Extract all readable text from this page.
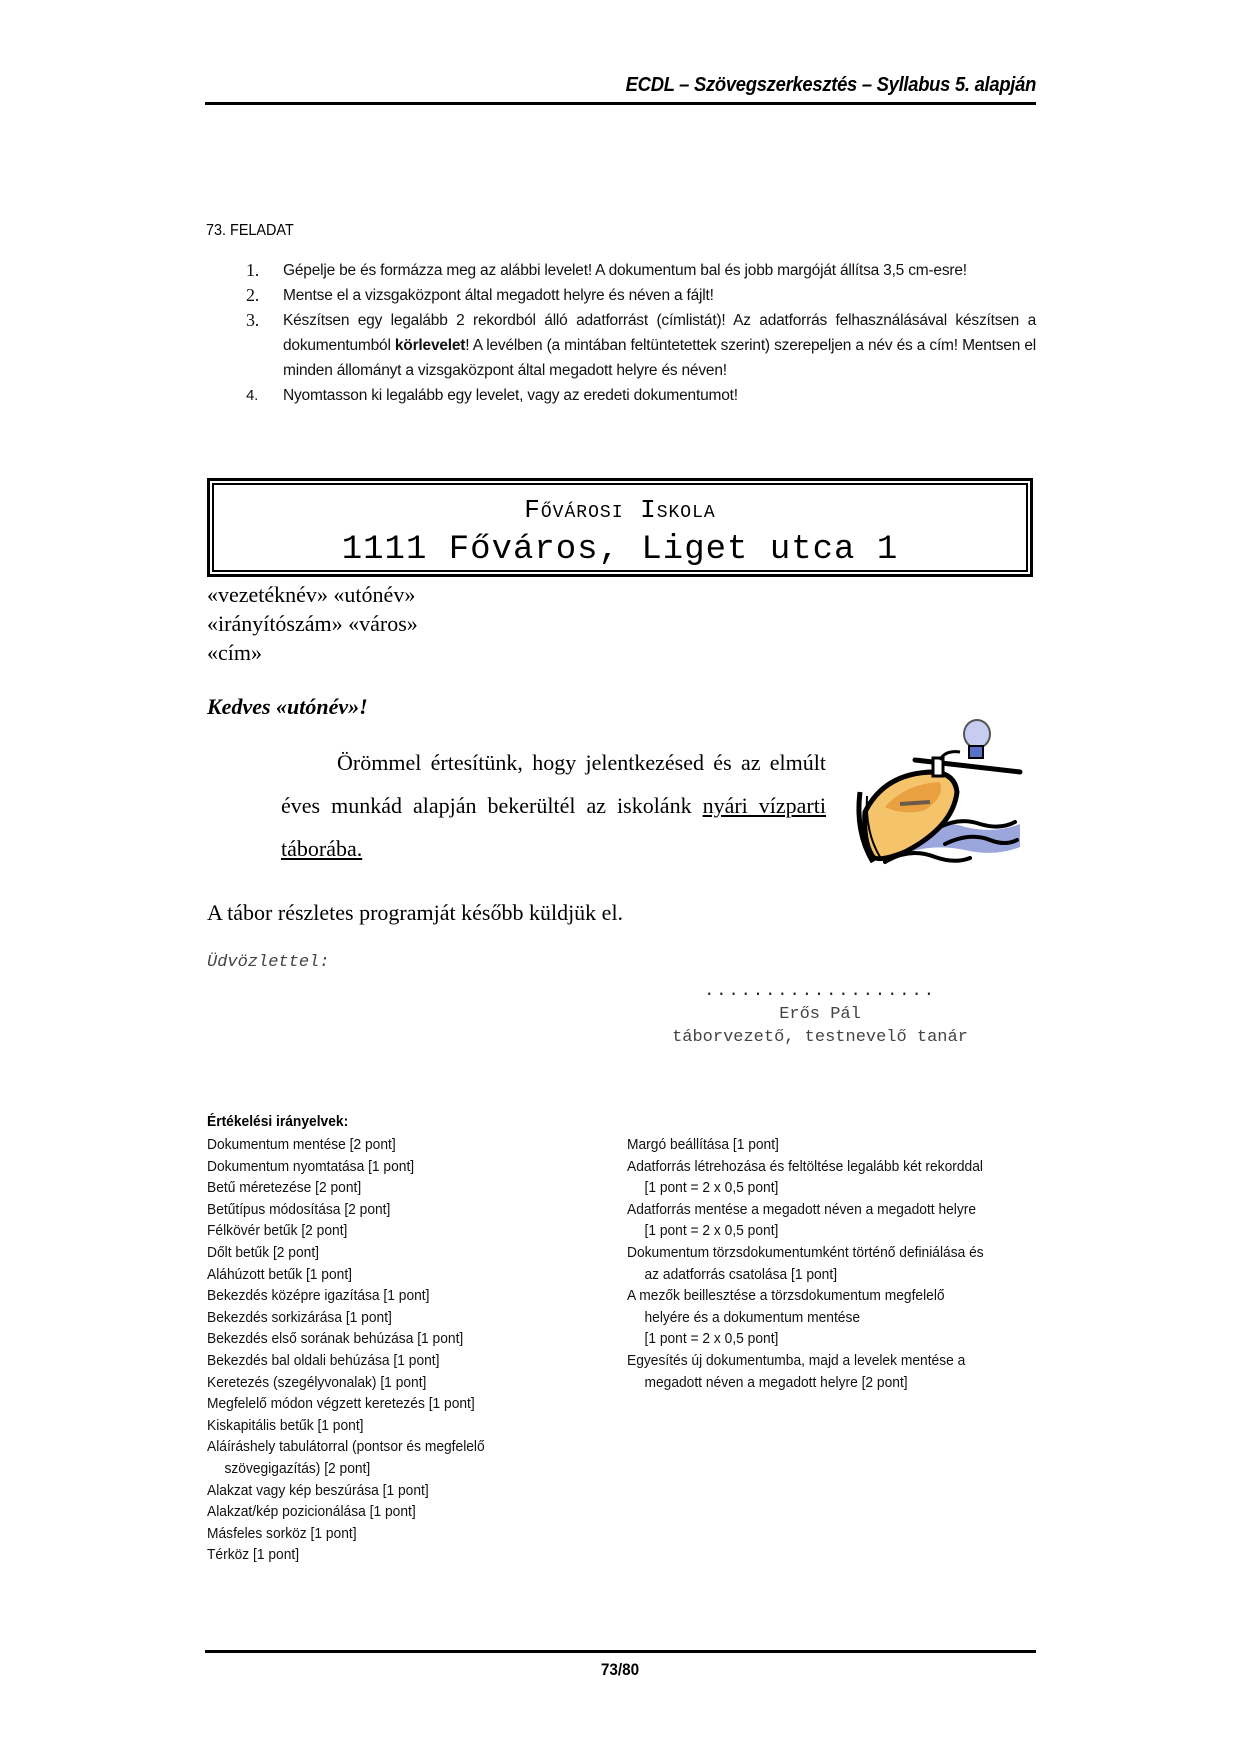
ECDL – Szövegszerkesztés – Syllabus 5. alapján
73. FELADAT
1. Gépelje be és formázza meg az alábbi levelet! A dokumentum bal és jobb margóját állítsa 3,5 cm-esre!
2. Mentse el a vizsgaközpont által megadott helyre és néven a fájlt!
3. Készítsen egy legalább 2 rekordból álló adatforrást (címlistát)! Az adatforrás felhasználásával készítsen a dokumentumból körlevelet! A levélben (a mintában feltüntetettek szerint) szerepeljen a név és a cím! Mentsen el minden állományt a vizsgaközpont által megadott helyre és néven!
4. Nyomtasson ki legalább egy levelet, vagy az eredeti dokumentumot!
Fővárosi Iskola
1111 Főváros, Liget utca 1
«vezetéknév» «utónév»
«irányítószám» «város»
«cím»
Kedves «utónév»!
Örömmel értesítünk, hogy jelentkezésed és az elmúlt éves munkád alapján bekerültél az iskolánk nyári vízparti táborába.
A tábor részletes programját később küldjük el.
Üdvözlettel:
...................
Erős Pál
táborvezető, testnevelő tanár
Értékelési irányelvek:
Dokumentum mentése [2 pont]
Dokumentum nyomtatása [1 pont]
Betű méretezése [2 pont]
Betűtípus módosítása [2 pont]
Félkövér betűk [2 pont]
Dőlt betűk [2 pont]
Aláhúzott betűk [1 pont]
Bekezdés középre igazítása [1 pont]
Bekezdés sorkizárása [1 pont]
Bekezdés első sorának behúzása [1 pont]
Bekezdés bal oldali behúzása [1 pont]
Keretezés (szegélyvonalak) [1 pont]
Megfelelő módon végzett keretezés [1 pont]
Kiskapitális betűk [1 pont]
Aláíráshely tabulátorral (pontsor és megfelelő
szövegigazítás) [2 pont]
Alakzat vagy kép beszúrása [1 pont]
Alakzat/kép pozicionálása [1 pont]
Másfeles sorköz [1 pont]
Térköz [1 pont]
Margó beállítása [1 pont]
Adatforrás létrehozása és feltöltése legalább két rekorddal
[1 pont = 2 x 0,5 pont]
Adatforrás mentése a megadott néven a megadott helyre
[1 pont = 2 x 0,5 pont]
Dokumentum törzsdokumentumként történő definiálása és
az adatforrás csatolása [1 pont]
A mezők beillesztése a törzsdokumentum megfelelő
helyére és a dokumentum mentése
[1 pont = 2 x 0,5 pont]
Egyesítés új dokumentumba, majd a levelek mentése a
megadott néven a megadott helyre [2 pont]
73/80
